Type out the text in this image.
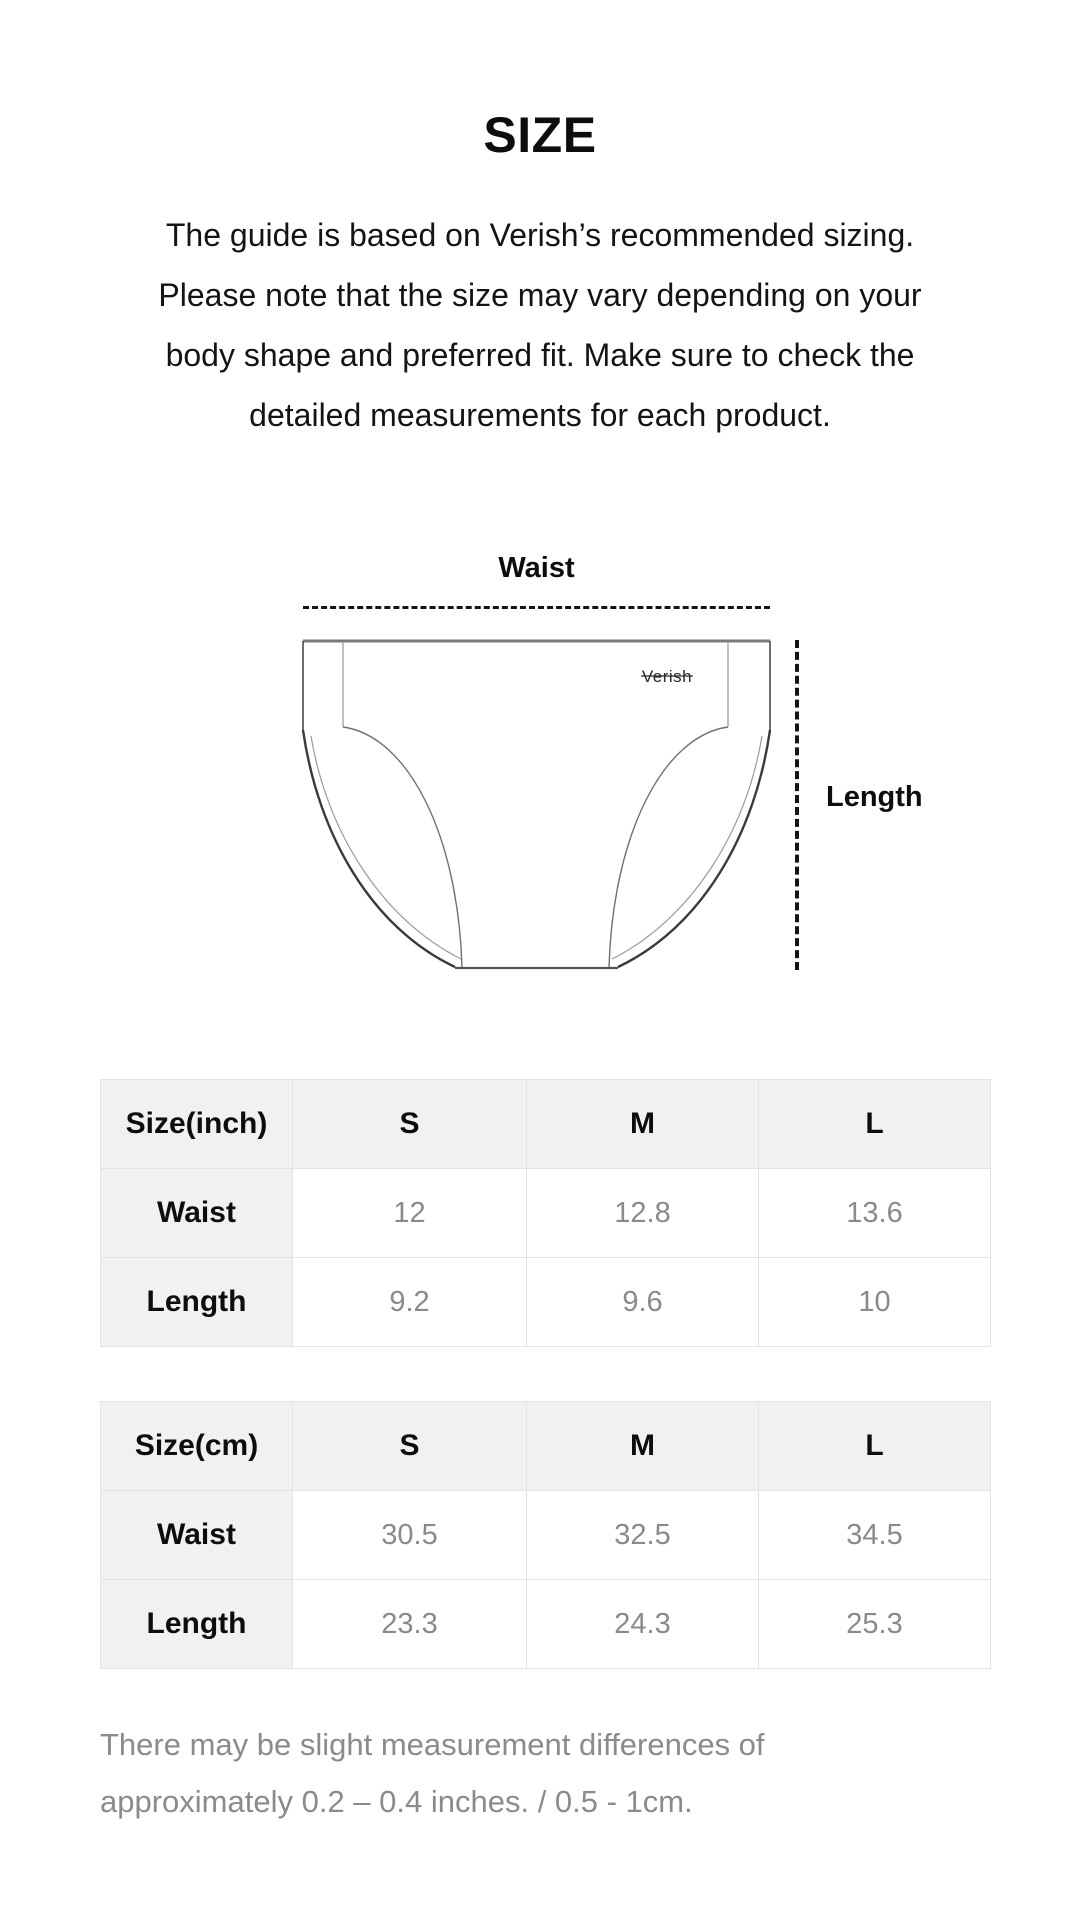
SIZE
The guide is based on Verish’s recommended sizing.
Please note that the size may vary depending on your
body shape and preferred fit. Make sure to check the
detailed measurements for each product.
Waist
Length
Verish
Size(inch)	S	M	L
Waist	12	12.8	13.6
Length	9.2	9.6	10
Size(cm)	S	M	L
Waist	30.5	32.5	34.5
Length	23.3	24.3	25.3
There may be slight measurement differences of
approximately 0.2 – 0.4 inches. / 0.5 - 1cm.
